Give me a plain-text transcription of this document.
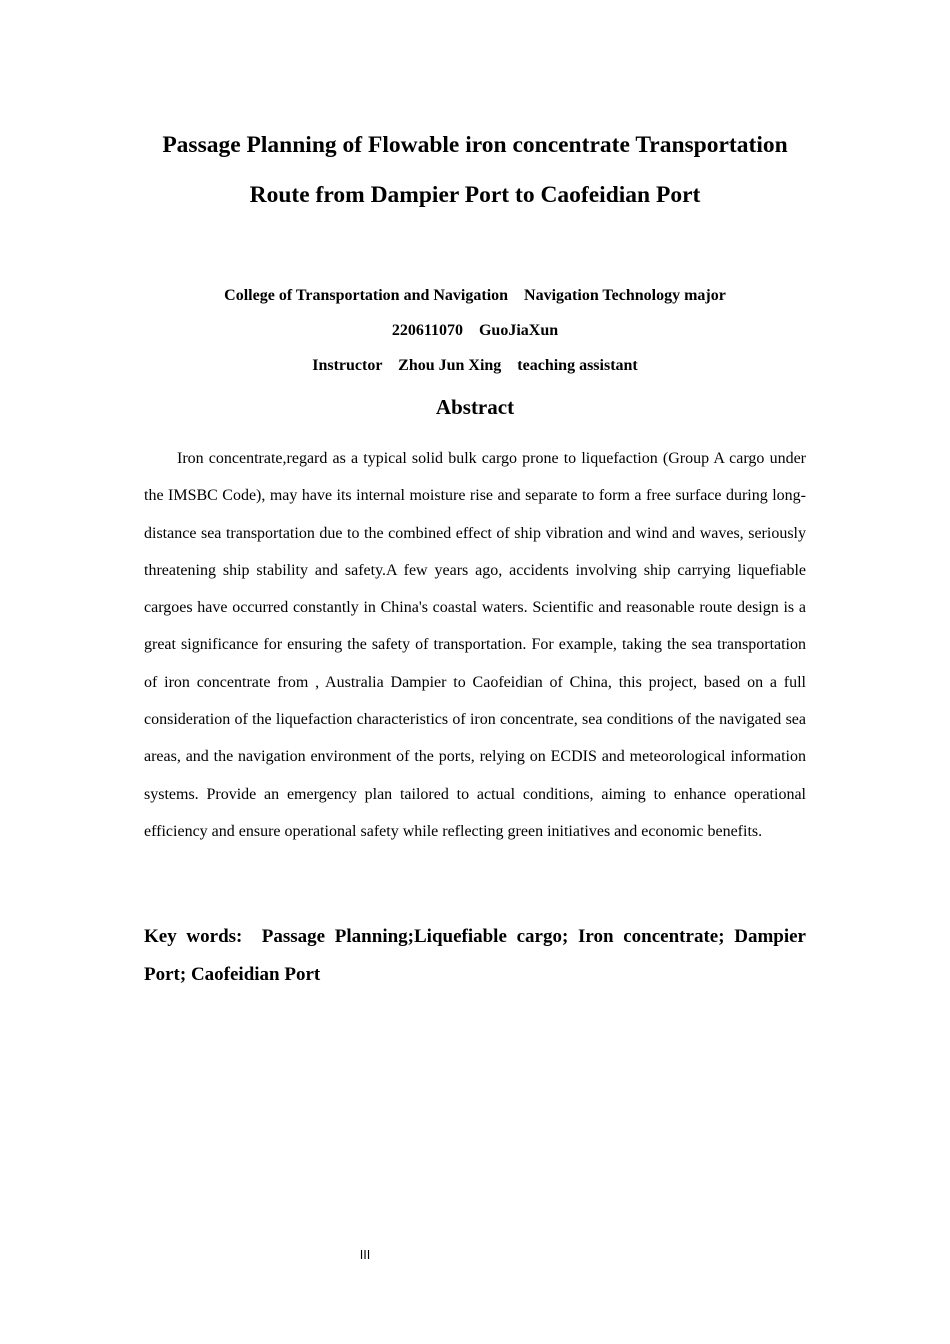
Passage Planning of Flowable iron concentrate Transportation
Route from Dampier Port to Caofeidian Port
College of Transportation and Navigation    Navigation Technology major
220611070    GuoJiaXun
Instructor    Zhou Jun Xing    teaching assistant
Abstract

Iron concentrate,regard as a typical solid bulk cargo prone to liquefaction (Group A cargo under the IMSBC Code), may have its internal moisture rise and separate to form a free surface during long-distance sea transportation due to the combined effect of ship vibration and wind and waves, seriously threatening ship stability and safety.A few years ago, accidents involving ship carrying liquefiable cargoes have occurred constantly in China's coastal waters. Scientific and reasonable route design is a great significance for ensuring the safety of transportation. For example, taking the sea transportation of iron concentrate from , Australia Dampier to Caofeidian of China, this project, based on a full consideration of the liquefaction characteristics of iron concentrate, sea conditions of the navigated sea areas, and the navigation environment of the ports, relying on ECDIS and meteorological information systems. Provide an emergency plan tailored to actual conditions, aiming to enhance operational efficiency and ensure operational safety while reflecting green initiatives and economic benefits.

Key words:  Passage Planning;Liquefiable cargo; Iron concentrate; Dampier Port; Caofeidian Port

III
